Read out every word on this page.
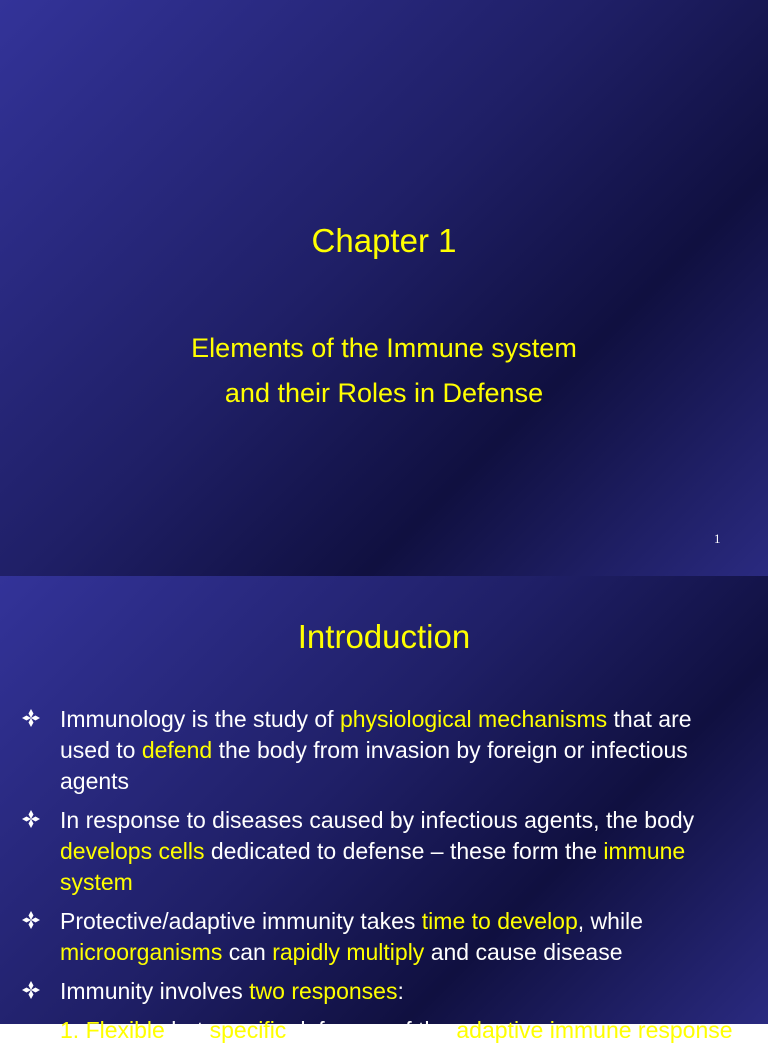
Chapter 1
Elements of the Immune system
and their Roles in Defense
1
Introduction
Immunology is the study of physiological mechanisms that are used to defend the body from invasion by foreign or infectious agents
In response to diseases caused by infectious agents, the body develops cells dedicated to defense – these form the immune system
Protective/adaptive immunity takes time to develop, while microorganisms can rapidly multiply and cause disease
Immunity involves two responses:
1. Flexible but specific defenses of the adaptive immune response
